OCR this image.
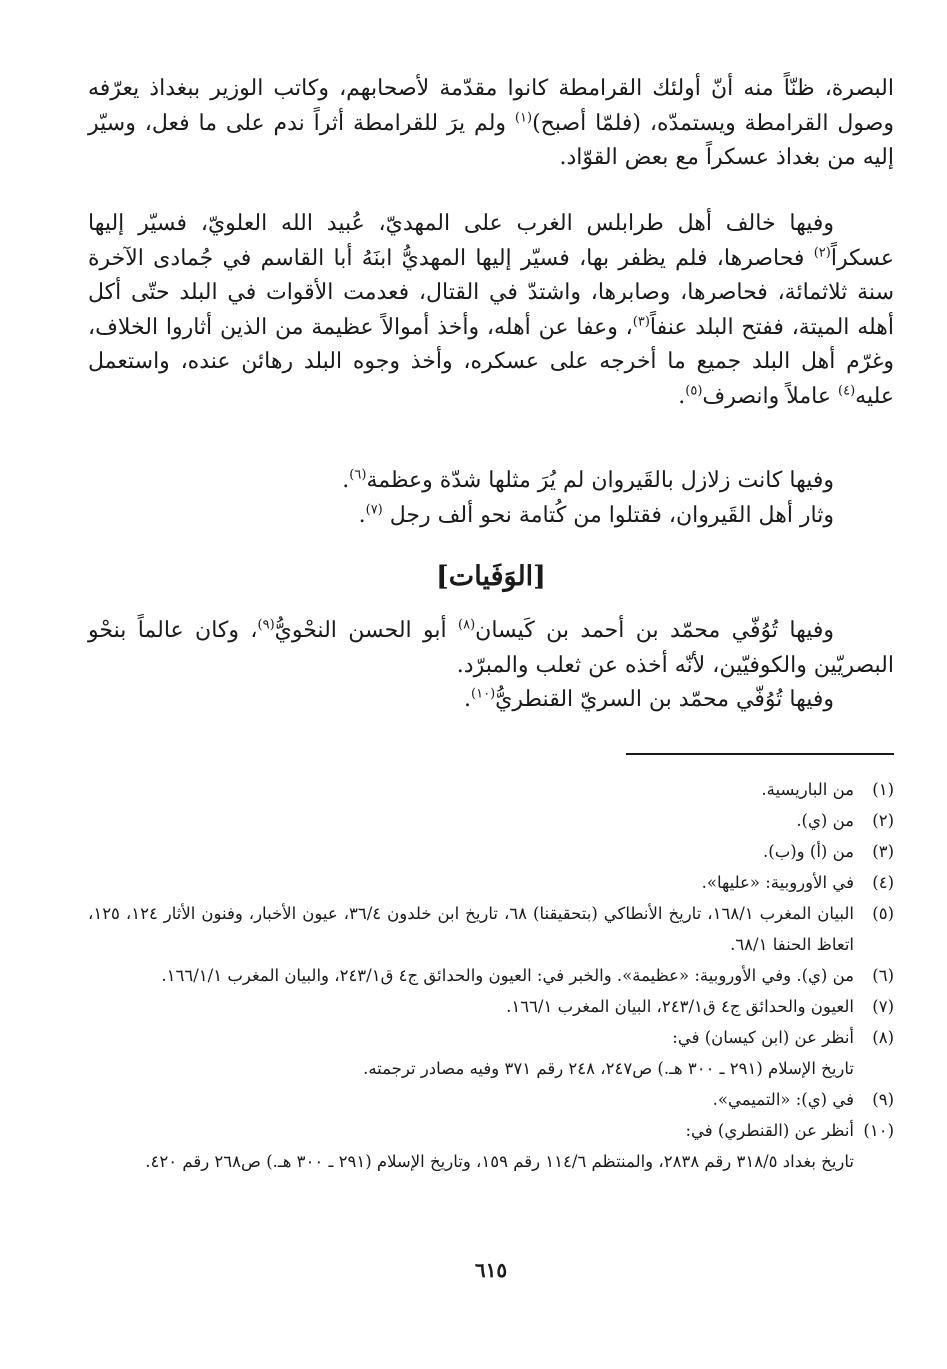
البصرة، ظنّاً منه أنّ أولئك القرامطة كانوا مقدّمة لأصحابهم، وكاتب الوزير ببغداذ يعرّفه وصول القرامطة ويستمدّه، (فلمّا أصبح)$^{(١)}$ ولم يرَ للقرامطة أثراً ندم على ما فعل، وسيّر إليه من بغداذ عسكراً مع بعض القوّاد.
وفيها خالف أهل طرابلس الغرب على المهديّ، عُبيد الله العلويّ، فسيّر إليها عسكراً$^{(٢)}$ فحاصرها، فلم يظفر بها، فسيّر إليها المهديُّ ابنَهُ أبا القاسم في جُمادى الآخرة سنة ثلاثمائة، فحاصرها، وصابرها، واشتدّ في القتال، فعدمت الأقوات في البلد حتّى أكل أهله الميتة، ففتح البلد عنفاً$^{(٣)}$، وعفا عن أهله، وأخذ أموالاً عظيمة من الذين أثاروا الخلاف، وغرّم أهل البلد جميع ما أخرجه على عسكره، وأخذ وجوه البلد رهائن عنده، واستعمل عليه$^{(٤)}$ عاملاً وانصرف$^{(٥)}$.

وفيها كانت زلازل بالقَيروان لم يُرَ مثلها شدّة وعظمة$^{(٦)}$.

وثار أهل القَيروان، فقتلوا من كُتامة نحو ألف رجل $^{(٧)}$.

[الوَفَيات]

وفيها تُوُفّي محمّد بن أحمد بن كَيسان$^{(٨)}$ أبو الحسن النحْويُّ$^{(٩)}$، وكان عالماً بنحْو

البصريّين والكوفيّين، لأنّه أخذه عن ثعلب والمبرّد.

وفيها تُوُفّي محمّد بن السريّ القنطريُّ$^{(١٠)}$.

(١)
من الباريسية.
(٢)
من (ي).
(٣)
من (أ) و(ب).
(٤)
في الأوروبية: «عليها».
(٥)
البيان المغرب ١٦٨/١، تاريخ الأنطاكي (بتحقيقنا) ٦٨، تاريخ ابن خلدون ٣٦/٤، عيون الأخبار، وفنون الأثار ١٢٤، ١٢٥، اتعاظ الحنفا ٦٨/١.
(٦)
من (ي). وفي الأوروبية: «عظيمة». والخبر في: العيون والحدائق ج٤ ق٢٤٣/١، والبيان المغرب ١٦٦/١/١.
(٧)
العيون والحدائق ج٤ ق٢٤٣/١، البيان المغرب ١٦٦/١.
(٨)
أنظر عن (ابن كيسان) في:
تاريخ الإسلام (٢٩١ ـ ٣٠٠ هـ.) ص٢٤٧، ٢٤٨ رقم ٣٧١ وفيه مصادر ترجمته.
(٩)
في (ي): «التميمي».
(١٠)
أنظر عن (القنطري) في:
تاريخ بغداد ٣١٨/٥ رقم ٢٨٣٨، والمنتظم ١١٤/٦ رقم ١٥٩، وتاريخ الإسلام (٢٩١ ـ ٣٠٠ هـ.) ص٢٦٨ رقم ٤٢٠.
٦١٥
